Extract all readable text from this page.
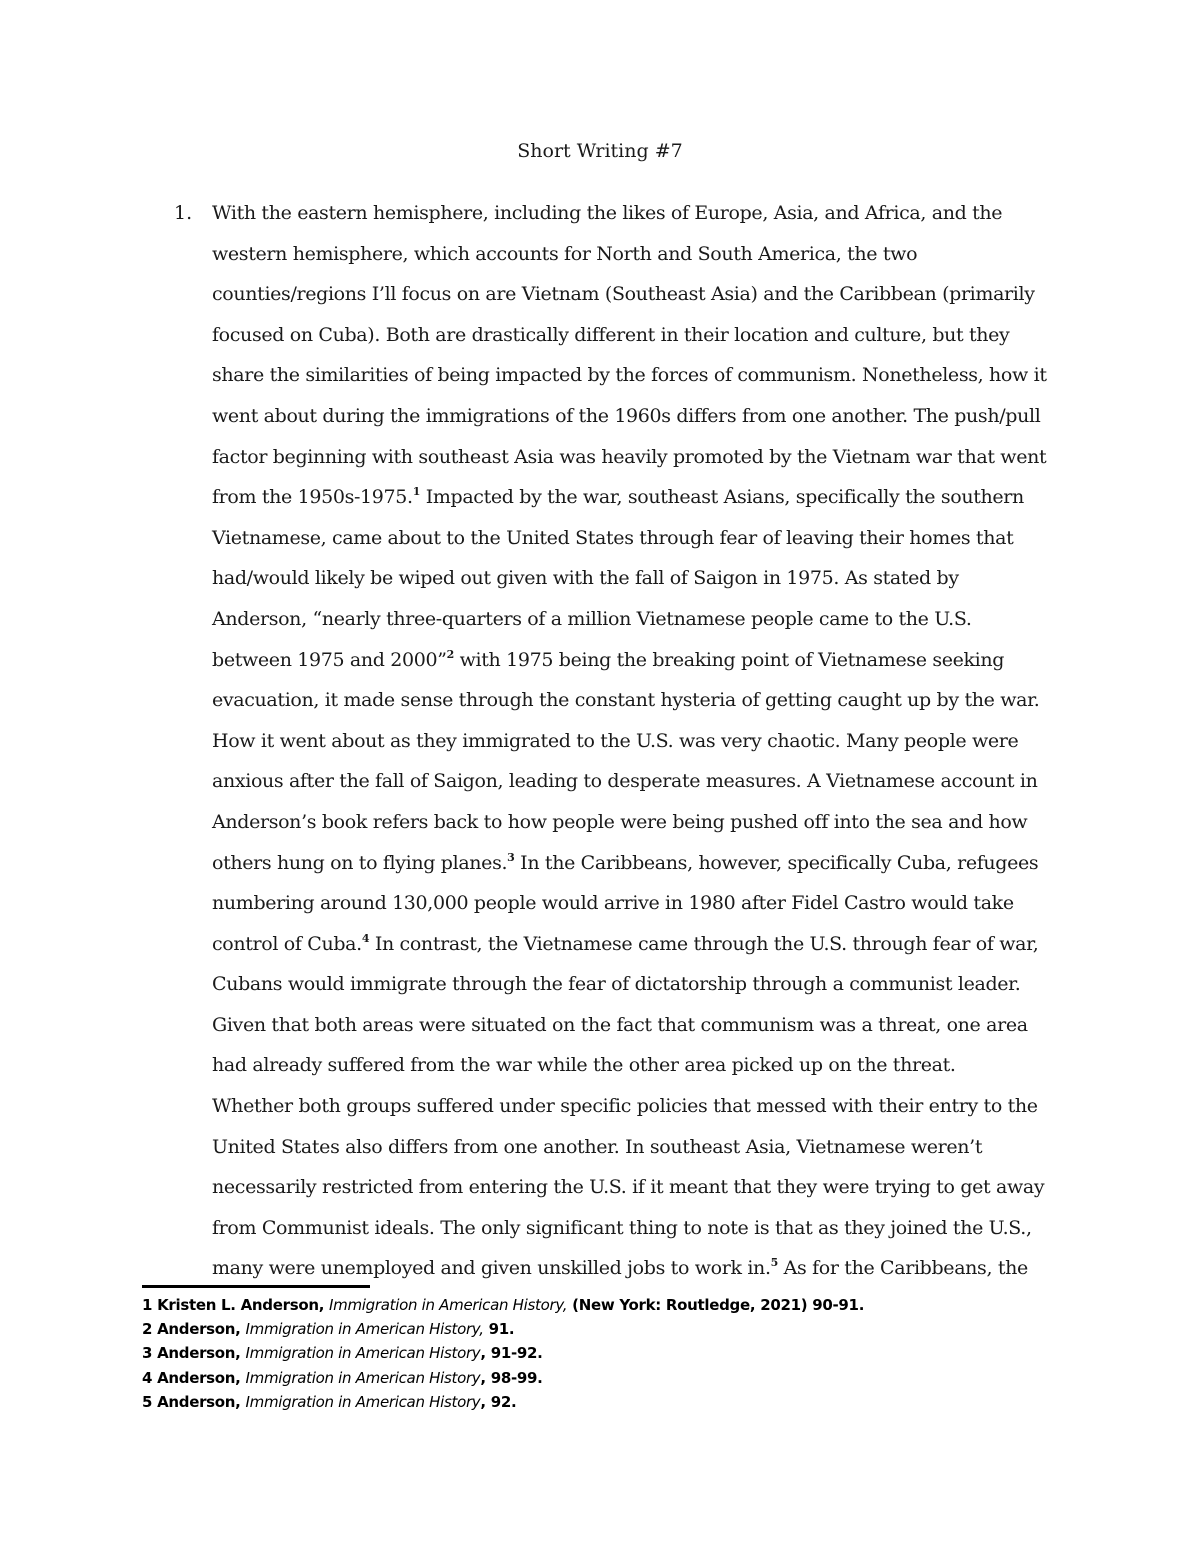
Short Writing #7
1. With the eastern hemisphere, including the likes of Europe, Asia, and Africa, and the
western hemisphere, which accounts for North and South America, the two
counties/regions I’ll focus on are Vietnam (Southeast Asia) and the Caribbean (primarily
focused on Cuba). Both are drastically different in their location and culture, but they
share the similarities of being impacted by the forces of communism. Nonetheless, how it
went about during the immigrations of the 1960s differs from one another. The push/pull
factor beginning with southeast Asia was heavily promoted by the Vietnam war that went
from the 1950s-1975.$^1$ Impacted by the war, southeast Asians, specifically the southern
Vietnamese, came about to the United States through fear of leaving their homes that
had/would likely be wiped out given with the fall of Saigon in 1975. As stated by
Anderson, “nearly three-quarters of a million Vietnamese people came to the U.S.
between 1975 and 2000”$^2$ with 1975 being the breaking point of Vietnamese seeking
evacuation, it made sense through the constant hysteria of getting caught up by the war.
How it went about as they immigrated to the U.S. was very chaotic. Many people were
anxious after the fall of Saigon, leading to desperate measures. A Vietnamese account in
Anderson’s book refers back to how people were being pushed off into the sea and how
others hung on to flying planes.$^3$ In the Caribbeans, however, specifically Cuba, refugees
numbering around 130,000 people would arrive in 1980 after Fidel Castro would take
control of Cuba.$^4$ In contrast, the Vietnamese came through the U.S. through fear of war,
Cubans would immigrate through the fear of dictatorship through a communist leader.
Given that both areas were situated on the fact that communism was a threat, one area
had already suffered from the war while the other area picked up on the threat.
Whether both groups suffered under specific policies that messed with their entry to the
United States also differs from one another. In southeast Asia, Vietnamese weren’t
necessarily restricted from entering the U.S. if it meant that they were trying to get away
from Communist ideals. The only significant thing to note is that as they joined the U.S.,
many were unemployed and given unskilled jobs to work in.$^5$ As for the Caribbeans, the
1 Kristen L. Anderson, Immigration in American History, (New York: Routledge, 2021) 90-91.
2 Anderson, Immigration in American History, 91.
3 Anderson, Immigration in American History, 91-92.
4 Anderson, Immigration in American History, 98-99.
5 Anderson, Immigration in American History, 92.
